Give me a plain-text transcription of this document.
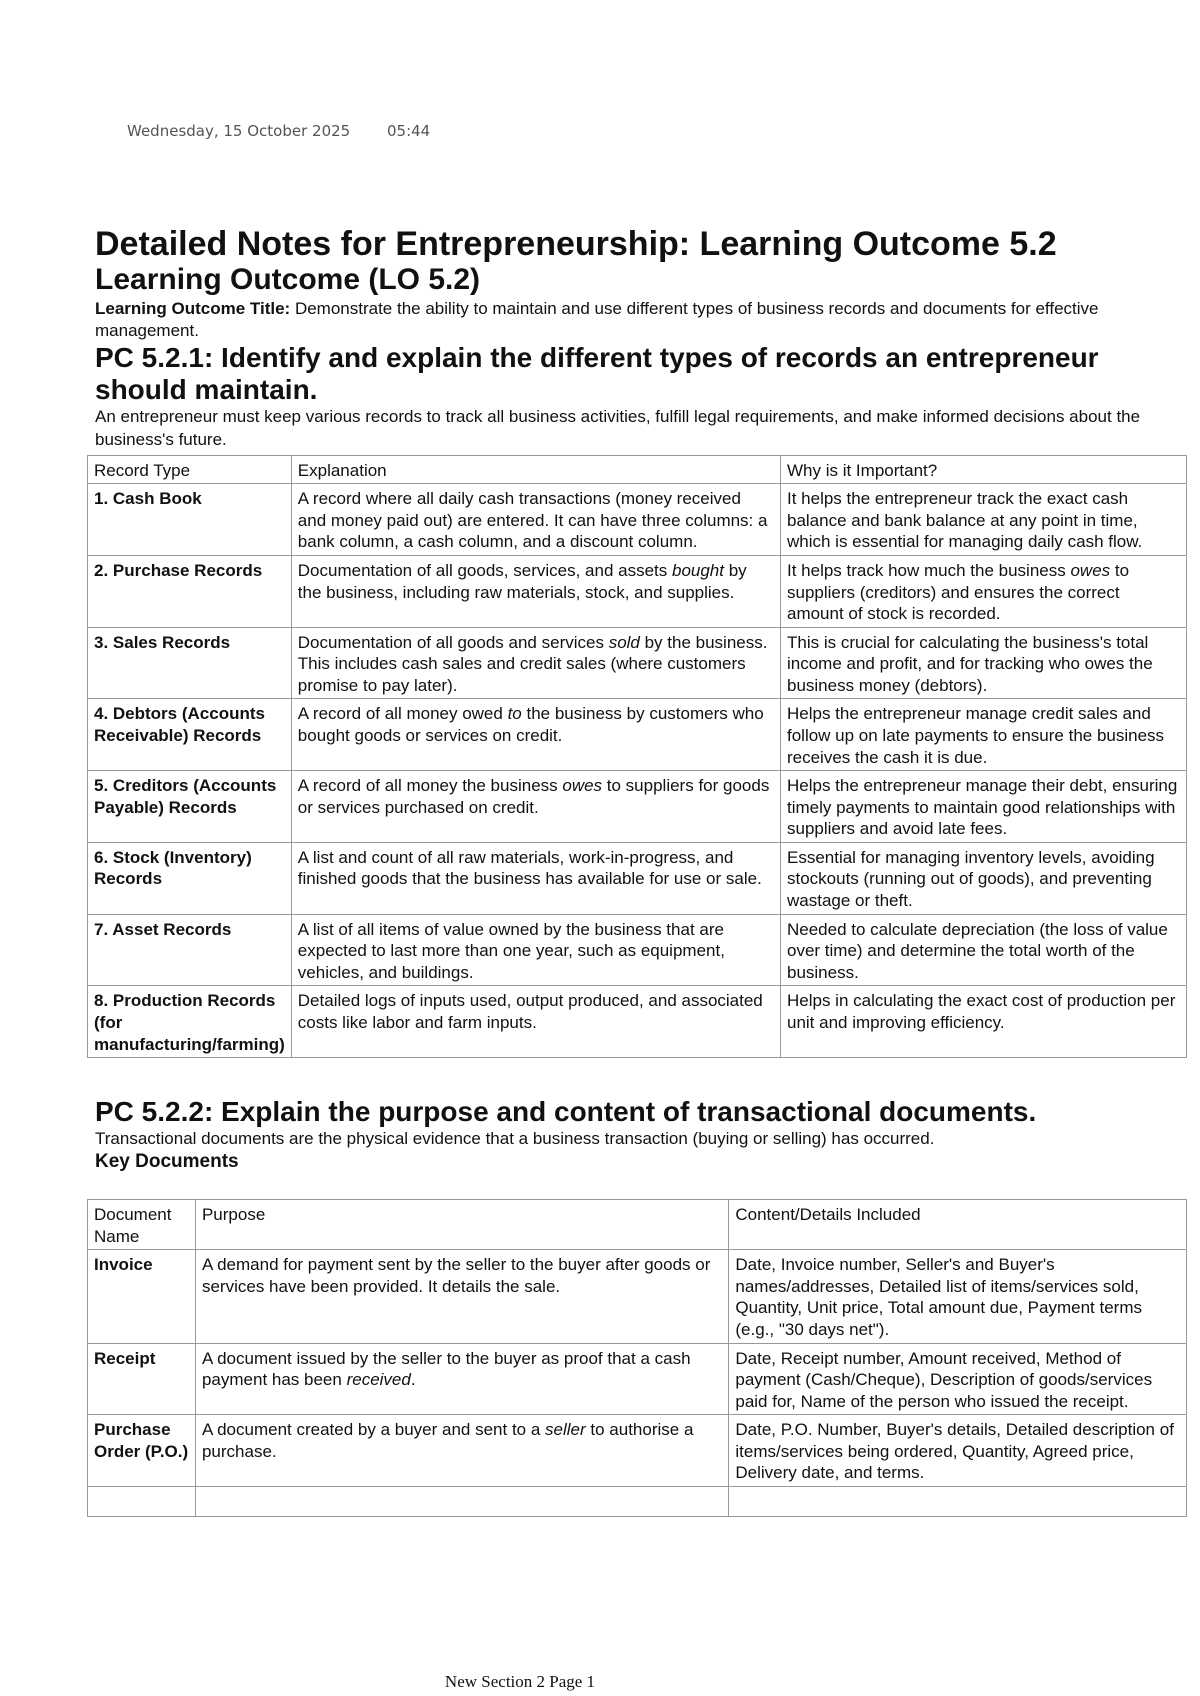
Wednesday, 15 October 2025 05:44
Detailed Notes for Entrepreneurship: Learning Outcome 5.2
Learning Outcome (LO 5.2)

Learning Outcome Title: Demonstrate the ability to maintain and use different types of business records and documents for effective management.

PC 5.2.1: Identify and explain the different types of records an entrepreneur should maintain.

An entrepreneur must keep various records to track all business activities, fulfill legal requirements, and make informed decisions about the business's future.

Record Type	Explanation	Why is it Important?
1. Cash Book	A record where all daily cash transactions (money received and money paid out) are entered. It can have three columns: a bank column, a cash column, and a discount column.	It helps the entrepreneur track the exact cash balance and bank balance at any point in time, which is essential for managing daily cash flow.
2. Purchase Records	Documentation of all goods, services, and assets bought by the business, including raw materials, stock, and supplies.	It helps track how much the business owes to suppliers (creditors) and ensures the correct amount of stock is recorded.
3. Sales Records	Documentation of all goods and services sold by the business. This includes cash sales and credit sales (where customers promise to pay later).	This is crucial for calculating the business's total income and profit, and for tracking who owes the business money (debtors).
4. Debtors (Accounts Receivable) Records	A record of all money owed to the business by customers who bought goods or services on credit.	Helps the entrepreneur manage credit sales and follow up on late payments to ensure the business receives the cash it is due.
5. Creditors (Accounts Payable) Records	A record of all money the business owes to suppliers for goods or services purchased on credit.	Helps the entrepreneur manage their debt, ensuring timely payments to maintain good relationships with suppliers and avoid late fees.
6. Stock (Inventory) Records	A list and count of all raw materials, work-in-progress, and finished goods that the business has available for use or sale.	Essential for managing inventory levels, avoiding stockouts (running out of goods), and preventing wastage or theft.
7. Asset Records	A list of all items of value owned by the business that are expected to last more than one year, such as equipment, vehicles, and buildings.	Needed to calculate depreciation (the loss of value over time) and determine the total worth of the business.
8. Production Records (for manufacturing/farming)	Detailed logs of inputs used, output produced, and associated costs like labor and farm inputs.	Helps in calculating the exact cost of production per unit and improving efficiency.
PC 5.2.2: Explain the purpose and content of transactional documents.

Transactional documents are the physical evidence that a business transaction (buying or selling) has occurred.

Key Documents

Document Name	Purpose	Content/Details Included
Invoice	A demand for payment sent by the seller to the buyer after goods or services have been provided. It details the sale.	Date, Invoice number, Seller's and Buyer's names/addresses, Detailed list of items/services sold, Quantity, Unit price, Total amount due, Payment terms (e.g., "30 days net").
Receipt	A document issued by the seller to the buyer as proof that a cash payment has been received.	Date, Receipt number, Amount received, Method of payment (Cash/Cheque), Description of goods/services paid for, Name of the person who issued the receipt.
Purchase Order (P.O.)	A document created by a buyer and sent to a seller to authorise a purchase.	Date, P.O. Number, Buyer's details, Detailed description of items/services being ordered, Quantity, Agreed price, Delivery date, and terms.

New Section 2 Page 1
